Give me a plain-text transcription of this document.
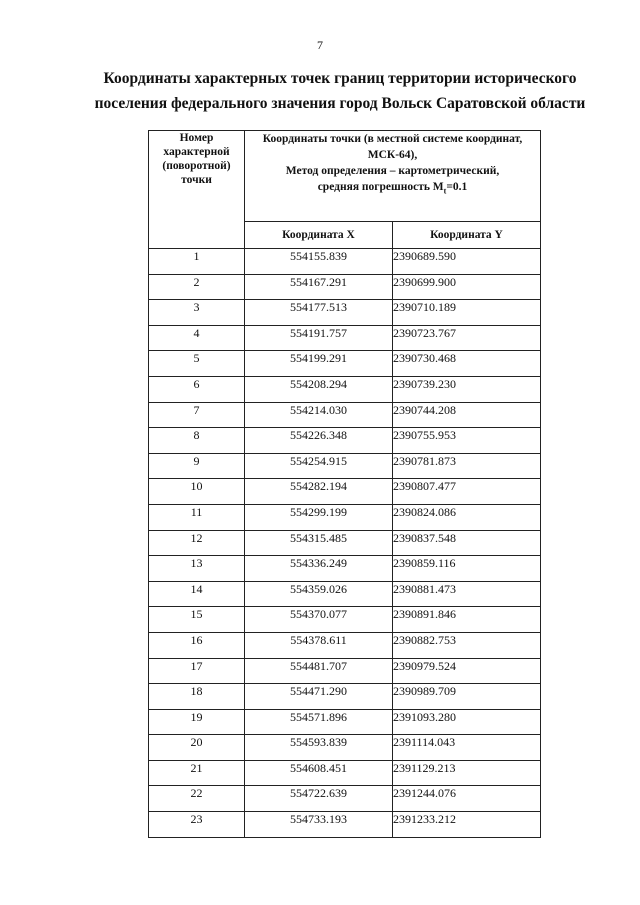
7
Координаты характерных точек границ территории исторического
поселения федерального значения город Вольск Саратовской области
Номер
характерной
(поворотной)
точки	Координаты точки (в местной системе координат,
МСК-64),
Метод определения – картометрический,
средняя погрешность $M_t=0.1$	

	Координата X	Координата Y
1	554155.839	2390689.590
2	554167.291	2390699.900
3	554177.513	2390710.189
4	554191.757	2390723.767
5	554199.291	2390730.468
6	554208.294	2390739.230
7	554214.030	2390744.208
8	554226.348	2390755.953
9	554254.915	2390781.873
10	554282.194	2390807.477
11	554299.199	2390824.086
12	554315.485	2390837.548
13	554336.249	2390859.116
14	554359.026	2390881.473
15	554370.077	2390891.846
16	554378.611	2390882.753
17	554481.707	2390979.524
18	554471.290	2390989.709
19	554571.896	2391093.280
20	554593.839	2391114.043
21	554608.451	2391129.213
22	554722.639	2391244.076
23	554733.193	2391233.212
